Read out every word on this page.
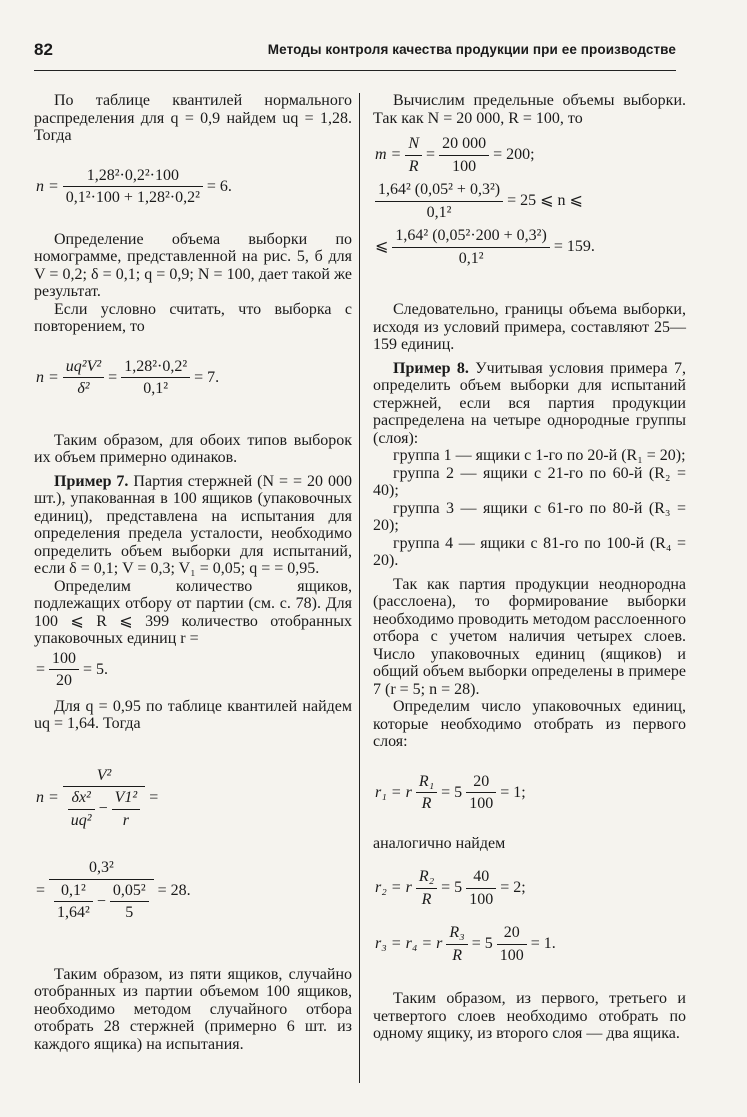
82	Методы контроля качества продукции при ее производстве

По таблице квантилей нормального распределения для q = 0,9 найдем uq = 1,28. Тогда

n =	$\frac{\text{1,28²·0,2²·100}}{\text{0,1²·100 + 1,28²·0,2²}}$	= 6.

Определение объема выборки по номограмме, представленной на рис. 5, б для V = 0,2; δ = 0,1; q = 0,9; N = 100, дает такой же результат.

Если условно считать, что выборка с повторением, то

n =	$\frac{\text{uq²V²}}{\text{δ²}}$	=	$\frac{\text{1,28²·0,2²}}{\text{0,1²}}$	= 7.

Таким образом, для обоих типов выборок их объем примерно одинаков.

Пример 7. Партия стержней (N = = 20 000 шт.), упакованная в 100 ящиков (упаковочных единиц), представлена на испытания для определения предела усталости, необходимо определить объем выборки для испытаний, если δ = 0,1; V = 0,3; V₁ = 0,05; q = = 0,95.

Определим количество ящиков, подлежащих отбору от партии (см. с. 78). Для 100 ⩽ R ⩽ 399 количество отобранных упаковочных единиц r =

=	$\frac{100}{20}$	= 5.

Для q = 0,95 по таблице квантилей найдем uq = 1,64. Тогда

n =	
V²
$\frac{\text{δx²}}{\text{uq²}}$	−	$\frac{\text{V1²}}{r}$
	=
=	
0,3²
$\frac{\text{0,1²}}{\text{1,64²}}$	−	$\frac{\text{0,05²}}{5}$
	= 28.

Таким образом, из пяти ящиков, случайно отобранных из партии объемом 100 ящиков, необходимо методом случайного отбора отобрать 28 стержней (примерно 6 шт. из каждого ящика) на испытания.

Вычислим предельные объемы выборки. Так как N = 20 000, R = 100, то

m =	$\frac{N}{R}$	=	$\frac{20 000}{100}$	= 200;
$\frac{\text{1,64² (0,05² + 0,3²)}}{\text{0,1²}}$	= 25 ⩽ n ⩽
⩽	$\frac{\text{1,64² (0,05²·200 + 0,3²)}}{\text{0,1²}}$	= 159.

Следовательно, границы объема выборки, исходя из условий примера, составляют 25—159 единиц.

Пример 8. Учитывая условия примера 7, определить объем выборки для испытаний стержней, если вся партия продукции распределена на четыре однородные группы (слоя):

группа 1 — ящики с 1-го по 20-й (R₁ = 20);

группа 2 — ящики с 21-го по 60-й (R₂ = 40);

группа 3 — ящики с 61-го по 80-й (R₃ = 20);

группа 4 — ящики с 81-го по 100-й (R₄ = 20).

Так как партия продукции неоднородна (расслоена), то формирование выборки необходимо проводить методом расслоенного отбора с учетом наличия четырех слоев. Число упаковочных единиц (ящиков) и общий объем выборки определены в примере 7 (r = 5; n = 28).

Определим число упаковочных единиц, которые необходимо отобрать из первого слоя:

r₁ = r	$\frac{\text{R₁}}{R}$	= 5	$\frac{20}{100}$	= 1;

аналогично найдем

r₂ = r	$\frac{\text{R₂}}{R}$	= 5	$\frac{40}{100}$	= 2;
r₃ = r₄ = r	$\frac{\text{R₃}}{R}$	= 5	$\frac{20}{100}$	= 1.

Таким образом, из первого, третьего и четвертого слоев необходимо отобрать по одному ящику, из второго слоя — два ящика.
